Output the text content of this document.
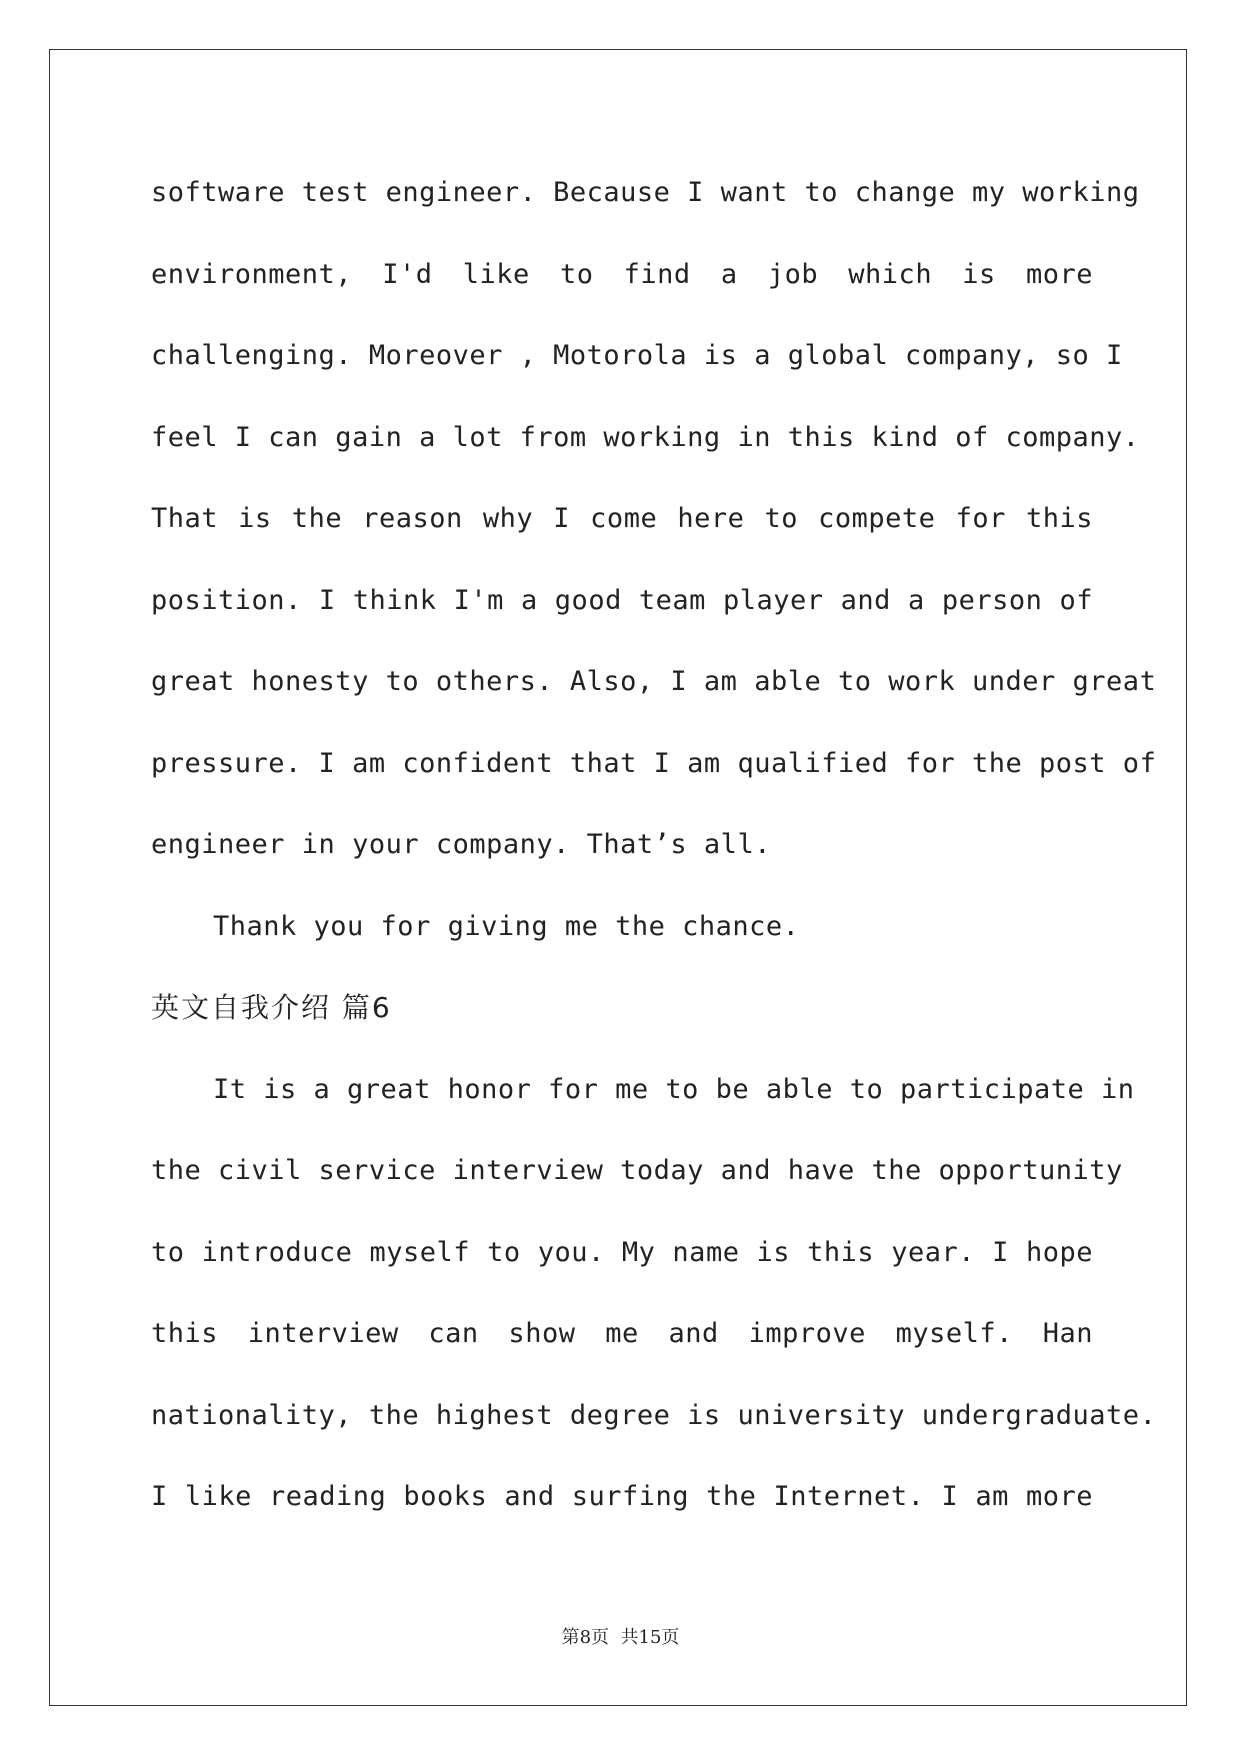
software test engineer. Because I want to change my working
environment, I'd like to find a job which is more
challenging. Moreover , Motorola is a global company, so I
feel I can gain a lot from working in this kind of company.
That is the reason why I come here to compete for this
position. I think I'm a good team player and a person of
great honesty to others. Also, I am able to work under great
pressure. I am confident that I am qualified for the post of
engineer in your company. That’s all.
Thank you for giving me the chance.
英文自我介绍 篇6
It is a great honor for me to be able to participate in
the civil service interview today and have the opportunity
to introduce myself to you. My name is this year. I hope
this interview can show me and improve myself. Han
nationality, the highest degree is university undergraduate.
I like reading books and surfing the Internet. I am more
第8页  共15页
